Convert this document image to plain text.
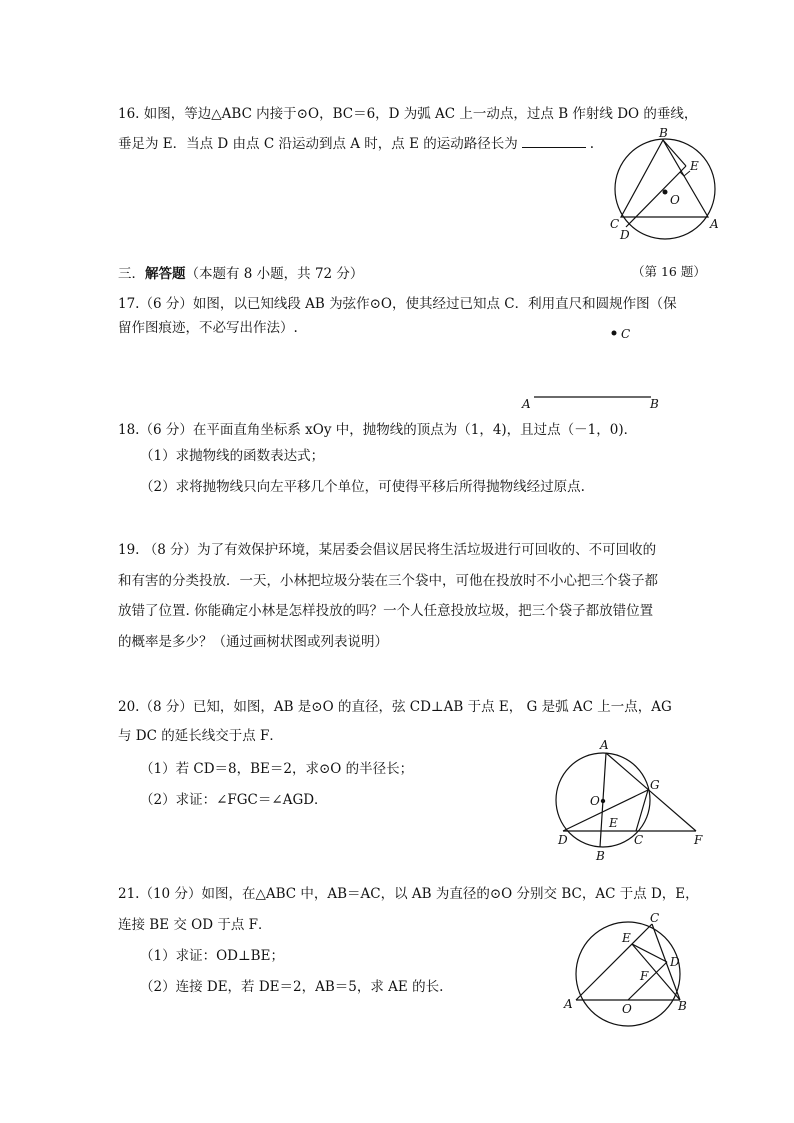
16. 如图，等边△ABC 内接于⊙O，BC＝6，D 为弧 AC 上一动点，过点 B 作射线 DO 的垂线，
垂足为 E．当点 D 由点 C 沿运动到点 A 时，点 E 的运动路径长为	.
B
E
O
C
D
A
（第 16 题）
三．解答题（本题有 8 小题，共 72 分）
17.（6 分）如图，以已知线段 AB 为弦作⊙O，使其经过已知点 C．利用直尺和圆规作图（保
留作图痕迹，不必写出作法）.	C
A	B
18.（6 分）在平面直角坐标系 xOy 中，抛物线的顶点为（1，4)，且过点（－1，0)．
（1）求抛物线的函数表达式；
（2）求将抛物线只向左平移几个单位，可使得平移后所得抛物线经过原点.
19. （8 分）为了有效保护环境，某居委会倡议居民将生活垃圾进行可回收的、不可回收的
和有害的分类投放．一天，小林把垃圾分装在三个袋中，可他在投放时不小心把三个袋子都
放错了位置. 你能确定小林是怎样投放的吗？一个人任意投放垃圾，把三个袋子都放错位置
的概率是多少？（通过画树状图或列表说明）
20.（8 分）已知，如图，AB 是⊙O 的直径，弦 CD⊥AB 于点 E， G 是弧 AC 上一点，AG
与 DC 的延长线交于点 F．
（1）若 CD＝8，BE＝2，求⊙O 的半径长；
（2）求证：∠FGC＝∠AGD．
A
G
O
E
D	C	F
B
21.（10 分）如图，在△ABC 中，AB＝AC，以 AB 为直径的⊙O 分别交 BC，AC 于点 D，E，
连接 BE 交 OD 于点 F．
（1）求证：OD⊥BE；
（2）连接 DE，若 DE＝2，AB＝5，求 AE 的长.
C
E
D
F
A	O	B
